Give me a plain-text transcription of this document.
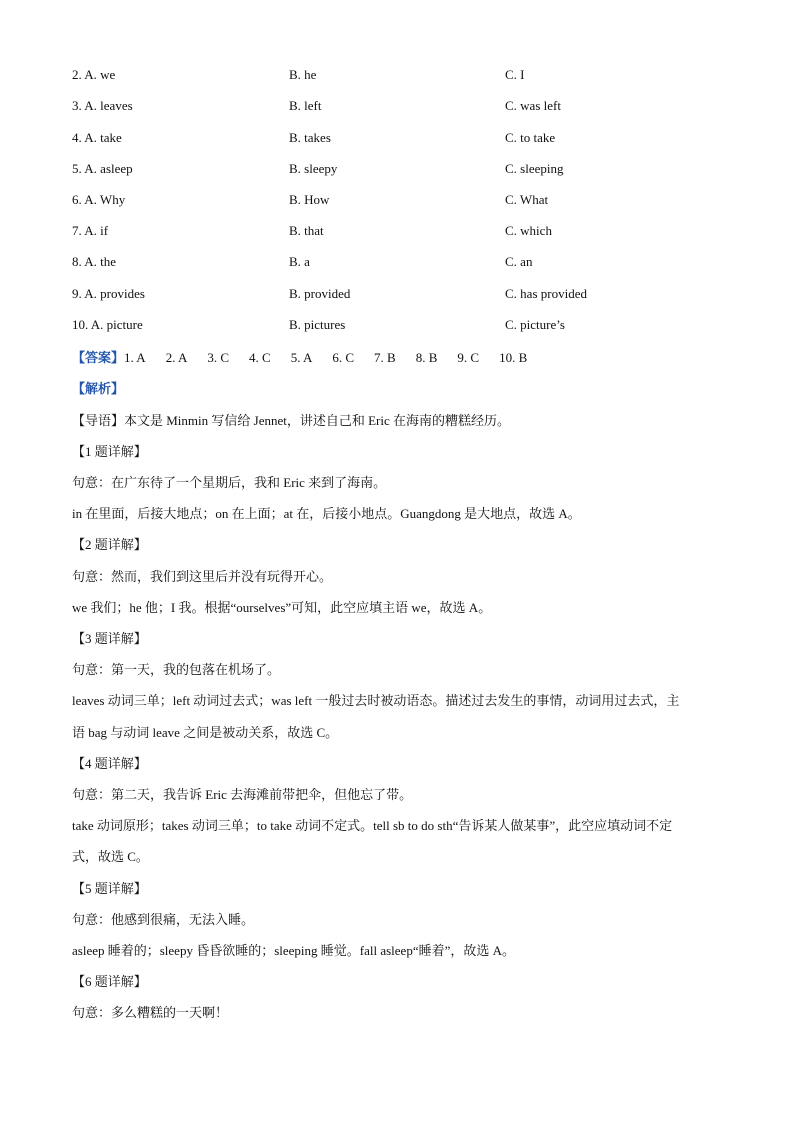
2. A. we	B. he	C. I
3. A. leaves	B. left	C. was left
4. A. take	B. takes	C. to take
5. A. asleep	B. sleepy	C. sleeping
6. A. Why	B. How	C. What
7. A. if	B. that	C. which
8. A. the	B. a	C. an
9. A. provides	B. provided	C. has provided
10. A. picture	B. pictures	C. picture’s
【答案】1. A 2. A 3. C 4. C 5. A 6. C 7. B 8. B 9. C 10. B
【解析】
【导语】本文是 Minmin 写信给 Jennet，讲述自己和 Eric 在海南的糟糕经历。
【1 题详解】
句意：在广东待了一个星期后，我和 Eric 来到了海南。
in 在里面，后接大地点；on 在上面；at 在，后接小地点。Guangdong 是大地点，故选 A。
【2 题详解】
句意：然而，我们到这里后并没有玩得开心。
we 我们；he 他；I 我。根据“ourselves”可知，此空应填主语 we，故选 A。
【3 题详解】
句意：第一天，我的包落在机场了。
leaves 动词三单；left 动词过去式；was left 一般过去时被动语态。描述过去发生的事情，动词用过去式，主
语 bag 与动词 leave 之间是被动关系，故选 C。
【4 题详解】
句意：第二天，我告诉 Eric 去海滩前带把伞，但他忘了带。
take 动词原形；takes 动词三单；to take 动词不定式。tell sb to do sth“告诉某人做某事”，此空应填动词不定
式，故选 C。
【5 题详解】
句意：他感到很痛，无法入睡。
asleep 睡着的；sleepy 昏昏欲睡的；sleeping 睡觉。fall asleep“睡着”，故选 A。
【6 题详解】
句意：多么糟糕的一天啊！
